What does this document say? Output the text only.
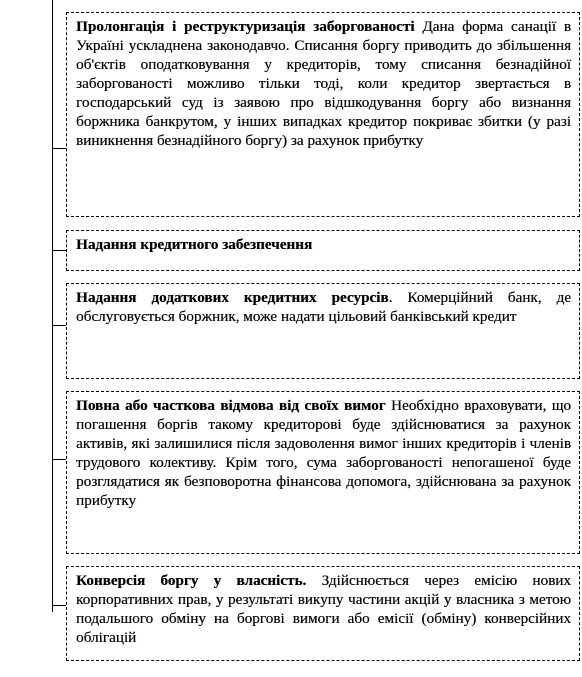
Пролонгація і реструктуризація заборгованості Дана форма санації в Україні ускладнена законодавчо. Списання боргу приводить до збільшення об'єктів оподатковування у кредиторів, тому списання безнадійної заборгованості можливо тільки тоді, коли кредитор звертається в господарський суд із заявою про відшкодування боргу або визнання боржника банкрутом, у інших випадках кредитор покриває збитки (у разі виникнення безнадійного боргу) за рахунок прибутку
Надання кредитного забезпечення
Надання додаткових кредитних ресурсів. Комерційний банк, де обслуговується боржник, може надати цільовий банківський кредит
Повна або часткова відмова від своїх вимог Необхідно враховувати, що погашення боргів такому кредиторові буде здійснюватися за рахунок активів, які залишилися після задоволення вимог інших кредиторів і членів трудового колективу. Крім того, сума заборгованості непогашеної буде розглядатися як безповоротна фінансова допомога, здійснювана за рахунок прибутку
Конверсія боргу у власність. Здійснюється через емісію нових корпоративних прав, у результаті викупу частини акцій у власника з метою подальшого обміну на боргові вимоги або емісії (обміну) конверсійних облігацій
